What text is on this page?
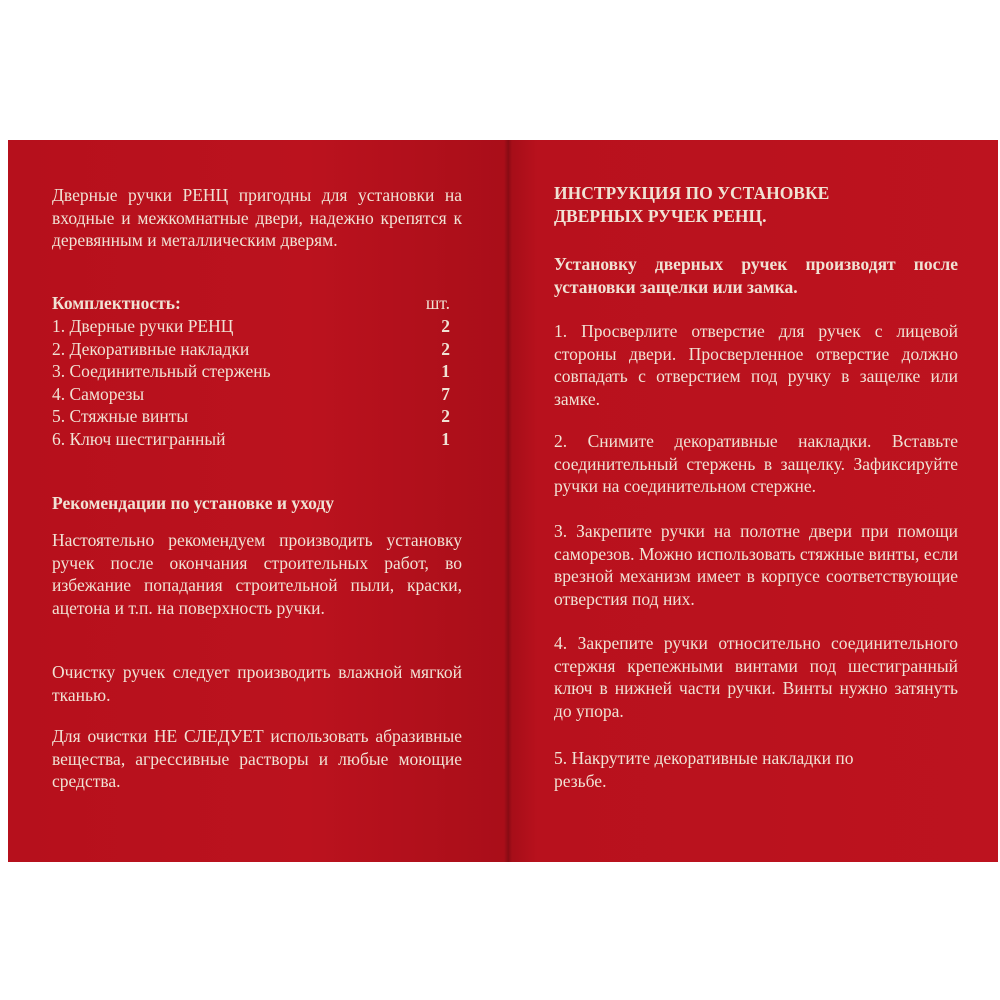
Дверные ручки РЕНЦ пригодны для установки на входные и межкомнатные двери, надежно крепятся к деревянным и металлическим дверям.
Комплектность:	шт.
1. Дверные ручки РЕНЦ	2
2. Декоративные накладки	2
3. Соединительный стержень	1
4. Саморезы	7
5. Стяжные винты	2
6. Ключ шестигранный	1
Рекомендации по установке и уходу
Настоятельно рекомендуем производить установку ручек после окончания строительных работ, во избежание попадания строительной пыли, краски, ацетона и т.п. на поверхность ручки.
Очистку ручек следует производить влажной мягкой тканью.
Для очистки НЕ СЛЕДУЕТ использовать абразивные вещества, агрессивные растворы и любые моющие средства.
ИНСТРУКЦИЯ ПО УСТАНОВКЕ
ДВЕРНЫХ РУЧЕК РЕНЦ.
Установку дверных ручек производят после установки защелки или замка.
1. Просверлите отверстие для ручек с лицевой стороны двери. Просверленное отверстие должно совпадать с отверстием под ручку в защелке или замке.
2. Снимите декоративные накладки. Вставьте соединительный стержень в защелку. Зафиксируйте ручки на соединительном стержне.
3. Закрепите ручки на полотне двери при помощи саморезов. Можно использовать стяжные винты, если врезной механизм имеет в корпусе соответствующие отверстия под них.
4. Закрепите ручки относительно соединительного стержня крепежными винтами под шестигранный ключ в нижней части ручки. Винты нужно затянуть до упора.
5. Накрутите декоративные накладки по резьбе.
